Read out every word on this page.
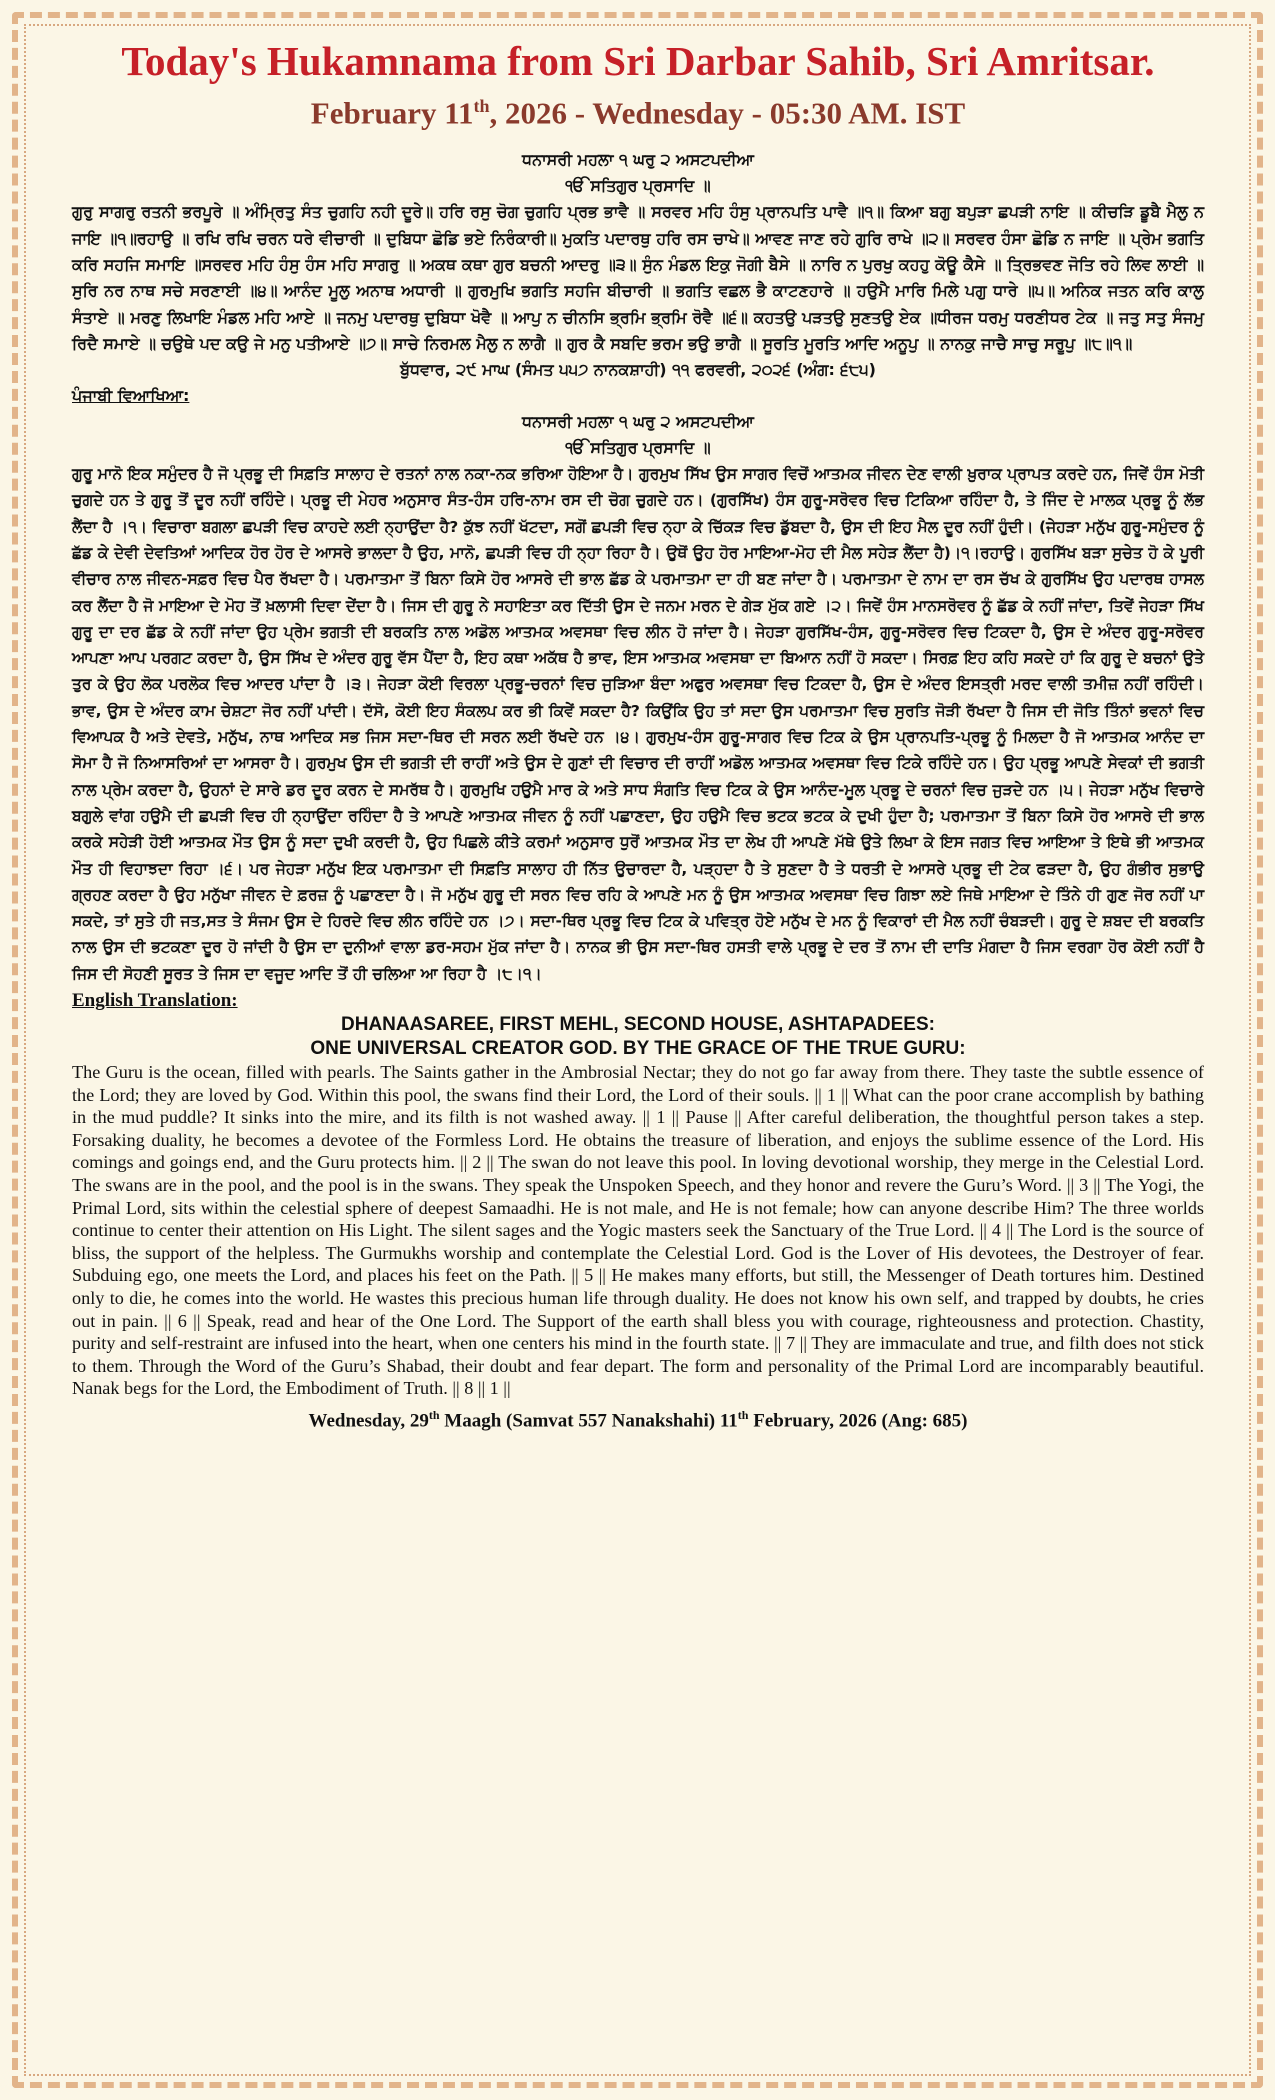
Today's Hukamnama from Sri Darbar Sahib, Sri Amritsar.
February 11th, 2026 - Wednesday - 05:30 AM. IST
ਧਨਾਸਰੀ ਮਹਲਾ ੧ ਘਰੁ ੨ ਅਸਟਪਦੀਆ
ੴ ਸਤਿਗੁਰ ਪ੍ਰਸਾਦਿ ॥

ਗੁਰੁ ਸਾਗਰੁ ਰਤਨੀ ਭਰਪੂਰੇ ॥ ਅੰਮ੍ਰਿਤੁ ਸੰਤ ਚੁਗਹਿ ਨਹੀ ਦੂਰੇ॥ ਹਰਿ ਰਸੁ ਚੋਗ ਚੁਗਹਿ ਪ੍ਰਭ ਭਾਵੈ ॥ ਸਰਵਰ ਮਹਿ ਹੰਸੁ ਪ੍ਰਾਨਪਤਿ ਪਾਵੈ ॥੧॥ ਕਿਆ ਬਗੁ ਬਪੁੜਾ ਛਪੜੀ ਨਾਇ ॥ ਕੀਚੜਿ ਡੂਬੈ ਮੈਲੁ ਨ ਜਾਇ ॥੧॥ਰਹਾਉ ॥ ਰਖਿ ਰਖਿ ਚਰਨ ਧਰੇ ਵੀਚਾਰੀ ॥ ਦੁਬਿਧਾ ਛੋਡਿ ਭਏ ਨਿਰੰਕਾਰੀ॥ ਮੁਕਤਿ ਪਦਾਰਥੁ ਹਰਿ ਰਸ ਚਾਖੇ॥ ਆਵਣ ਜਾਣ ਰਹੇ ਗੁਰਿ ਰਾਖੇ ॥੨॥ ਸਰਵਰ ਹੰਸਾ ਛੋਡਿ ਨ ਜਾਇ ॥ ਪ੍ਰੇਮ ਭਗਤਿ ਕਰਿ ਸਹਜਿ ਸਮਾਇ ॥ਸਰਵਰ ਮਹਿ ਹੰਸੁ ਹੰਸ ਮਹਿ ਸਾਗਰੁ ॥ ਅਕਥ ਕਥਾ ਗੁਰ ਬਚਨੀ ਆਦਰੁ ॥੩॥ ਸੁੰਨ ਮੰਡਲ ਇਕੁ ਜੋਗੀ ਬੈਸੇ ॥ ਨਾਰਿ ਨ ਪੁਰਖੁ ਕਹਹੁ ਕੋਊ ਕੈਸੇ ॥ ਤ੍ਰਿਭਵਣ ਜੋਤਿ ਰਹੇ ਲਿਵ ਲਾਈ ॥ ਸੁਰਿ ਨਰ ਨਾਥ ਸਚੇ ਸਰਣਾਈ ॥੪॥ ਆਨੰਦ ਮੂਲੁ ਅਨਾਥ ਅਧਾਰੀ ॥ ਗੁਰਮੁਖਿ ਭਗਤਿ ਸਹਜਿ ਬੀਚਾਰੀ ॥ ਭਗਤਿ ਵਛਲ ਭੈ ਕਾਟਣਹਾਰੇ ॥ ਹਉਮੈ ਮਾਰਿ ਮਿਲੇ ਪਗੁ ਧਾਰੇ ॥੫॥ ਅਨਿਕ ਜਤਨ ਕਰਿ ਕਾਲੁ ਸੰਤਾਏ ॥ ਮਰਣੁ ਲਿਖਾਇ ਮੰਡਲ ਮਹਿ ਆਏ ॥ ਜਨਮੁ ਪਦਾਰਥੁ ਦੁਬਿਧਾ ਖੋਵੈ ॥ ਆਪੁ ਨ ਚੀਨਸਿ ਭ੍ਰਮਿ ਭ੍ਰਮਿ ਰੋਵੈ ॥੬॥ ਕਹਤਉ ਪੜਤਉ ਸੁਣਤਉ ਏਕ ॥ਧੀਰਜ ਧਰਮੁ ਧਰਣੀਧਰ ਟੇਕ ॥ ਜਤੁ ਸਤੁ ਸੰਜਮੁ ਰਿਦੈ ਸਮਾਏ ॥ ਚਉਥੇ ਪਦ ਕਉ ਜੇ ਮਨੁ ਪਤੀਆਏ ॥੭॥ ਸਾਚੇ ਨਿਰਮਲ ਮੈਲੁ ਨ ਲਾਗੈ ॥ ਗੁਰ ਕੈ ਸਬਦਿ ਭਰਮ ਭਉ ਭਾਗੈ ॥ ਸੂਰਤਿ ਮੂਰਤਿ ਆਦਿ ਅਨੂਪੁ ॥ ਨਾਨਕੁ ਜਾਚੈ ਸਾਚੁ ਸਰੂਪੁ ॥੮॥੧॥

ਬੁੱਧਵਾਰ, ੨੯ ਮਾਘ (ਸੰਮਤ ੫੫੭ ਨਾਨਕਸ਼ਾਹੀ) ੧੧ ਫਰਵਰੀ, ੨੦੨੬ (ਅੰਗ: ੬੮੫)

ਪੰਜਾਬੀ ਵਿਆਖਿਆ:

ਧਨਾਸਰੀ ਮਹਲਾ ੧ ਘਰੁ ੨ ਅਸਟਪਦੀਆ
ੴ ਸਤਿਗੁਰ ਪ੍ਰਸਾਦਿ ॥

ਗੁਰੂ ਮਾਨੋ ਇਕ ਸਮੁੰਦਰ ਹੈ ਜੋ ਪ੍ਰਭੂ ਦੀ ਸਿਫ਼ਤਿ ਸਾਲਾਹ ਦੇ ਰਤਨਾਂ ਨਾਲ ਨਕਾ-ਨਕ ਭਰਿਆ ਹੋਇਆ ਹੈ। ਗੁਰਮੁਖ ਸਿੱਖ ਉਸ ਸਾਗਰ ਵਿਚੋਂ ਆਤਮਕ ਜੀਵਨ ਦੇਣ ਵਾਲੀ ਖ਼ੁਰਾਕ ਪ੍ਰਾਪਤ ਕਰਦੇ ਹਨ, ਜਿਵੇਂ ਹੰਸ ਮੋਤੀ ਚੁਗਦੇ ਹਨ ਤੇ ਗੁਰੂ ਤੋਂ ਦੂਰ ਨਹੀਂ ਰਹਿੰਦੇ। ਪ੍ਰਭੂ ਦੀ ਮੇਹਰ ਅਨੁਸਾਰ ਸੰਤ-ਹੰਸ ਹਰਿ-ਨਾਮ ਰਸ ਦੀ ਚੋਗ ਚੁਗਦੇ ਹਨ। (ਗੁਰਸਿੱਖ) ਹੰਸ ਗੁਰੂ-ਸਰੋਵਰ ਵਿਚ ਟਿਕਿਆ ਰਹਿੰਦਾ ਹੈ, ਤੇ ਜਿੰਦ ਦੇ ਮਾਲਕ ਪ੍ਰਭੂ ਨੂੰ ਲੱਭ ਲੈਂਦਾ ਹੈ ।੧। ਵਿਚਾਰਾ ਬਗਲਾ ਛਪੜੀ ਵਿਚ ਕਾਹਦੇ ਲਈ ਨ੍ਹਾਉਂਦਾ ਹੈ? ਕੁੱਝ ਨਹੀਂ ਖੱਟਦਾ, ਸਗੋਂ ਛਪੜੀ ਵਿਚ ਨ੍ਹਾ ਕੇ ਚਿੱਕੜ ਵਿਚ ਡੁੱਬਦਾ ਹੈ, ਉਸ ਦੀ ਇਹ ਮੈਲ ਦੂਰ ਨਹੀਂ ਹੁੰਦੀ। (ਜੇਹੜਾ ਮਨੁੱਖ ਗੁਰੂ-ਸਮੁੰਦਰ ਨੂੰ ਛੱਡ ਕੇ ਦੇਵੀ ਦੇਵਤਿਆਂ ਆਦਿਕ ਹੋਰ ਹੋਰ ਦੇ ਆਸਰੇ ਭਾਲਦਾ ਹੈ ਉਹ, ਮਾਨੋ, ਛਪੜੀ ਵਿਚ ਹੀ ਨ੍ਹਾ ਰਿਹਾ ਹੈ। ਉਥੋਂ ਉਹ ਹੋਰ ਮਾਇਆ-ਮੋਹ ਦੀ ਮੈਲ ਸਹੇੜ ਲੈਂਦਾ ਹੈ)।੧।ਰਹਾਉ। ਗੁਰਸਿੱਖ ਬੜਾ ਸੁਚੇਤ ਹੋ ਕੇ ਪੂਰੀ ਵੀਚਾਰ ਨਾਲ ਜੀਵਨ-ਸਫ਼ਰ ਵਿਚ ਪੈਰ ਰੱਖਦਾ ਹੈ। ਪਰਮਾਤਮਾ ਤੋਂ ਬਿਨਾ ਕਿਸੇ ਹੋਰ ਆਸਰੇ ਦੀ ਭਾਲ ਛੱਡ ਕੇ ਪਰਮਾਤਮਾ ਦਾ ਹੀ ਬਣ ਜਾਂਦਾ ਹੈ। ਪਰਮਾਤਮਾ ਦੇ ਨਾਮ ਦਾ ਰਸ ਚੱਖ ਕੇ ਗੁਰਸਿੱਖ ਉਹ ਪਦਾਰਥ ਹਾਸਲ ਕਰ ਲੈਂਦਾ ਹੈ ਜੋ ਮਾਇਆ ਦੇ ਮੋਹ ਤੋਂ ਖ਼ਲਾਸੀ ਦਿਵਾ ਦੇਂਦਾ ਹੈ। ਜਿਸ ਦੀ ਗੁਰੂ ਨੇ ਸਹਾਇਤਾ ਕਰ ਦਿੱਤੀ ਉਸ ਦੇ ਜਨਮ ਮਰਨ ਦੇ ਗੇੜ ਮੁੱਕ ਗਏ ।੨। ਜਿਵੇਂ ਹੰਸ ਮਾਨਸਰੋਵਰ ਨੂੰ ਛੱਡ ਕੇ ਨਹੀਂ ਜਾਂਦਾ, ਤਿਵੇਂ ਜੇਹੜਾ ਸਿੱਖ ਗੁਰੂ ਦਾ ਦਰ ਛੱਡ ਕੇ ਨਹੀਂ ਜਾਂਦਾ ਉਹ ਪ੍ਰੇਮ ਭਗਤੀ ਦੀ ਬਰਕਤਿ ਨਾਲ ਅਡੋਲ ਆਤਮਕ ਅਵਸਥਾ ਵਿਚ ਲੀਨ ਹੋ ਜਾਂਦਾ ਹੈ। ਜੇਹੜਾ ਗੁਰਸਿੱਖ-ਹੰਸ, ਗੁਰੂ-ਸਰੋਵਰ ਵਿਚ ਟਿਕਦਾ ਹੈ, ਉਸ ਦੇ ਅੰਦਰ ਗੁਰੂ-ਸਰੋਵਰ ਆਪਣਾ ਆਪ ਪਰਗਟ ਕਰਦਾ ਹੈ, ਉਸ ਸਿੱਖ ਦੇ ਅੰਦਰ ਗੁਰੂ ਵੱਸ ਪੈਂਦਾ ਹੈ, ਇਹ ਕਥਾ ਅਕੱਥ ਹੈ ਭਾਵ, ਇਸ ਆਤਮਕ ਅਵਸਥਾ ਦਾ ਬਿਆਨ ਨਹੀਂ ਹੋ ਸਕਦਾ। ਸਿਰਫ਼ ਇਹ ਕਹਿ ਸਕਦੇ ਹਾਂ ਕਿ ਗੁਰੂ ਦੇ ਬਚਨਾਂ ਉਤੇ ਤੁਰ ਕੇ ਉਹ ਲੋਕ ਪਰਲੋਕ ਵਿਚ ਆਦਰ ਪਾਂਦਾ ਹੈ ।੩। ਜੇਹੜਾ ਕੋਈ ਵਿਰਲਾ ਪ੍ਰਭੂ-ਚਰਨਾਂ ਵਿਚ ਜੁੜਿਆ ਬੰਦਾ ਅਫੁਰ ਅਵਸਥਾ ਵਿਚ ਟਿਕਦਾ ਹੈ, ਉਸ ਦੇ ਅੰਦਰ ਇਸਤ੍ਰੀ ਮਰਦ ਵਾਲੀ ਤਮੀਜ਼ ਨਹੀਂ ਰਹਿੰਦੀ। ਭਾਵ, ਉਸ ਦੇ ਅੰਦਰ ਕਾਮ ਚੇਸ਼ਟਾ ਜੋਰ ਨਹੀਂ ਪਾਂਦੀ। ਦੱਸੋ, ਕੋਈ ਇਹ ਸੰਕਲਪ ਕਰ ਭੀ ਕਿਵੇਂ ਸਕਦਾ ਹੈ? ਕਿਉਂਕਿ ਉਹ ਤਾਂ ਸਦਾ ਉਸ ਪਰਮਾਤਮਾ ਵਿਚ ਸੁਰਤਿ ਜੋੜੀ ਰੱਖਦਾ ਹੈ ਜਿਸ ਦੀ ਜੋਤਿ ਤਿੰਨਾਂ ਭਵਨਾਂ ਵਿਚ ਵਿਆਪਕ ਹੈ ਅਤੇ ਦੇਵਤੇ, ਮਨੁੱਖ, ਨਾਥ ਆਦਿਕ ਸਭ ਜਿਸ ਸਦਾ-ਥਿਰ ਦੀ ਸਰਨ ਲਈ ਰੱਖਦੇ ਹਨ ।੪। ਗੁਰਮੁਖ-ਹੰਸ ਗੁਰੂ-ਸਾਗਰ ਵਿਚ ਟਿਕ ਕੇ ਉਸ ਪ੍ਰਾਨਪਤਿ-ਪ੍ਰਭੂ ਨੂੰ ਮਿਲਦਾ ਹੈ ਜੋ ਆਤਮਕ ਆਨੰਦ ਦਾ ਸੋਮਾ ਹੈ ਜੋ ਨਿਆਸਰਿਆਂ ਦਾ ਆਸਰਾ ਹੈ। ਗੁਰਮੁਖ ਉਸ ਦੀ ਭਗਤੀ ਦੀ ਰਾਹੀਂ ਅਤੇ ਉਸ ਦੇ ਗੁਣਾਂ ਦੀ ਵਿਚਾਰ ਦੀ ਰਾਹੀਂ ਅਡੋਲ ਆਤਮਕ ਅਵਸਥਾ ਵਿਚ ਟਿਕੇ ਰਹਿੰਦੇ ਹਨ। ਉਹ ਪ੍ਰਭੂ ਆਪਣੇ ਸੇਵਕਾਂ ਦੀ ਭਗਤੀ ਨਾਲ ਪ੍ਰੇਮ ਕਰਦਾ ਹੈ, ਉਹਨਾਂ ਦੇ ਸਾਰੇ ਡਰ ਦੂਰ ਕਰਨ ਦੇ ਸਮਰੱਥ ਹੈ। ਗੁਰਮੁਖਿ ਹਉਮੈ ਮਾਰ ਕੇ ਅਤੇ ਸਾਧ ਸੰਗਤਿ ਵਿਚ ਟਿਕ ਕੇ ਉਸ ਆਨੰਦ-ਮੂਲ ਪ੍ਰਭੂ ਦੇ ਚਰਨਾਂ ਵਿਚ ਜੁੜਦੇ ਹਨ ।੫। ਜੇਹੜਾ ਮਨੁੱਖ ਵਿਚਾਰੇ ਬਗੁਲੇ ਵਾਂਗ ਹਉਮੈ ਦੀ ਛਪੜੀ ਵਿਚ ਹੀ ਨ੍ਹਾਉਂਦਾ ਰਹਿੰਦਾ ਹੈ ਤੇ ਆਪਣੇ ਆਤਮਕ ਜੀਵਨ ਨੂੰ ਨਹੀਂ ਪਛਾਣਦਾ, ਉਹ ਹਉਮੈ ਵਿਚ ਭਟਕ ਭਟਕ ਕੇ ਦੁਖੀ ਹੁੰਦਾ ਹੈ; ਪਰਮਾਤਮਾ ਤੋਂ ਬਿਨਾ ਕਿਸੇ ਹੋਰ ਆਸਰੇ ਦੀ ਭਾਲ ਕਰਕੇ ਸਹੇੜੀ ਹੋਈ ਆਤਮਕ ਮੌਤ ਉਸ ਨੂੰ ਸਦਾ ਦੁਖੀ ਕਰਦੀ ਹੈ, ਉਹ ਪਿਛਲੇ ਕੀਤੇ ਕਰਮਾਂ ਅਨੁਸਾਰ ਧੁਰੋਂ ਆਤਮਕ ਮੌਤ ਦਾ ਲੇਖ ਹੀ ਆਪਣੇ ਮੱਥੇ ਉਤੇ ਲਿਖਾ ਕੇ ਇਸ ਜਗਤ ਵਿਚ ਆਇਆ ਤੇ ਇਥੇ ਭੀ ਆਤਮਕ ਮੌਤ ਹੀ ਵਿਹਾਝਦਾ ਰਿਹਾ ।੬। ਪਰ ਜੇਹੜਾ ਮਨੁੱਖ ਇਕ ਪਰਮਾਤਮਾ ਦੀ ਸਿਫ਼ਤਿ ਸਾਲਾਹ ਹੀ ਨਿੱਤ ਉਚਾਰਦਾ ਹੈ, ਪੜ੍ਹਦਾ ਹੈ ਤੇ ਸੁਣਦਾ ਹੈ ਤੇ ਧਰਤੀ ਦੇ ਆਸਰੇ ਪ੍ਰਭੂ ਦੀ ਟੇਕ ਫੜਦਾ ਹੈ, ਉਹ ਗੰਭੀਰ ਸੁਭਾਉ ਗ੍ਰਹਣ ਕਰਦਾ ਹੈ ਉਹ ਮਨੁੱਖਾ ਜੀਵਨ ਦੇ ਫ਼ਰਜ਼ ਨੂੰ ਪਛਾਣਦਾ ਹੈ। ਜੋ ਮਨੁੱਖ ਗੁਰੂ ਦੀ ਸਰਨ ਵਿਚ ਰਹਿ ਕੇ ਆਪਣੇ ਮਨ ਨੂੰ ਉਸ ਆਤਮਕ ਅਵਸਥਾ ਵਿਚ ਗਿਝਾ ਲਏ ਜਿਥੇ ਮਾਇਆ ਦੇ ਤਿੰਨੇ ਹੀ ਗੁਣ ਜੋਰ ਨਹੀਂ ਪਾ ਸਕਦੇ, ਤਾਂ ਸੁਤੇ ਹੀ ਜਤ,ਸਤ ਤੇ ਸੰਜਮ ਉਸ ਦੇ ਹਿਰਦੇ ਵਿਚ ਲੀਨ ਰਹਿੰਦੇ ਹਨ ।੭। ਸਦਾ-ਥਿਰ ਪ੍ਰਭੂ ਵਿਚ ਟਿਕ ਕੇ ਪਵਿਤ੍ਰ ਹੋਏ ਮਨੁੱਖ ਦੇ ਮਨ ਨੂੰ ਵਿਕਾਰਾਂ ਦੀ ਮੈਲ ਨਹੀਂ ਚੰਬੜਦੀ। ਗੁਰੂ ਦੇ ਸ਼ਬਦ ਦੀ ਬਰਕਤਿ ਨਾਲ ਉਸ ਦੀ ਭਟਕਣਾ ਦੂਰ ਹੋ ਜਾਂਦੀ ਹੈ ਉਸ ਦਾ ਦੁਨੀਆਂ ਵਾਲਾ ਡਰ-ਸਹਮ ਮੁੱਕ ਜਾਂਦਾ ਹੈ। ਨਾਨਕ ਭੀ ਉਸ ਸਦਾ-ਥਿਰ ਹਸਤੀ ਵਾਲੇ ਪ੍ਰਭੂ ਦੇ ਦਰ ਤੋਂ ਨਾਮ ਦੀ ਦਾਤਿ ਮੰਗਦਾ ਹੈ ਜਿਸ ਵਰਗਾ ਹੋਰ ਕੋਈ ਨਹੀਂ ਹੈ ਜਿਸ ਦੀ ਸੋਹਣੀ ਸੂਰਤ ਤੇ ਜਿਸ ਦਾ ਵਜੂਦ ਆਦਿ ਤੋਂ ਹੀ ਚਲਿਆ ਆ ਰਿਹਾ ਹੈ ।੮।੧।

English Translation:

DHANAASAREE, FIRST MEHL, SECOND HOUSE, ASHTAPADEES:
ONE UNIVERSAL CREATOR GOD. BY THE GRACE OF THE TRUE GURU:

The Guru is the ocean, filled with pearls. The Saints gather in the Ambrosial Nectar; they do not go far away from there. They taste the subtle essence of the Lord; they are loved by God. Within this pool, the swans find their Lord, the Lord of their souls. || 1 || What can the poor crane accomplish by bathing in the mud puddle? It sinks into the mire, and its filth is not washed away. || 1 || Pause || After careful deliberation, the thoughtful person takes a step. Forsaking duality, he becomes a devotee of the Formless Lord. He obtains the treasure of liberation, and enjoys the sublime essence of the Lord. His comings and goings end, and the Guru protects him. || 2 || The swan do not leave this pool. In loving devotional worship, they merge in the Celestial Lord. The swans are in the pool, and the pool is in the swans. They speak the Unspoken Speech, and they honor and revere the Guru’s Word. || 3 || The Yogi, the Primal Lord, sits within the celestial sphere of deepest Samaadhi. He is not male, and He is not female; how can anyone describe Him? The three worlds continue to center their attention on His Light. The silent sages and the Yogic masters seek the Sanctuary of the True Lord. || 4 || The Lord is the source of bliss, the support of the helpless. The Gurmukhs worship and contemplate the Celestial Lord. God is the Lover of His devotees, the Destroyer of fear. Subduing ego, one meets the Lord, and places his feet on the Path. || 5 || He makes many efforts, but still, the Messenger of Death tortures him. Destined only to die, he comes into the world. He wastes this precious human life through duality. He does not know his own self, and trapped by doubts, he cries out in pain. || 6 || Speak, read and hear of the One Lord. The Support of the earth shall bless you with courage, righteousness and protection. Chastity, purity and self-restraint are infused into the heart, when one centers his mind in the fourth state. || 7 || They are immaculate and true, and filth does not stick to them. Through the Word of the Guru’s Shabad, their doubt and fear depart. The form and personality of the Primal Lord are incomparably beautiful. Nanak begs for the Lord, the Embodiment of Truth. || 8 || 1 ||

Wednesday, 29th Maagh (Samvat 557 Nanakshahi) 11th February, 2026 (Ang: 685)
